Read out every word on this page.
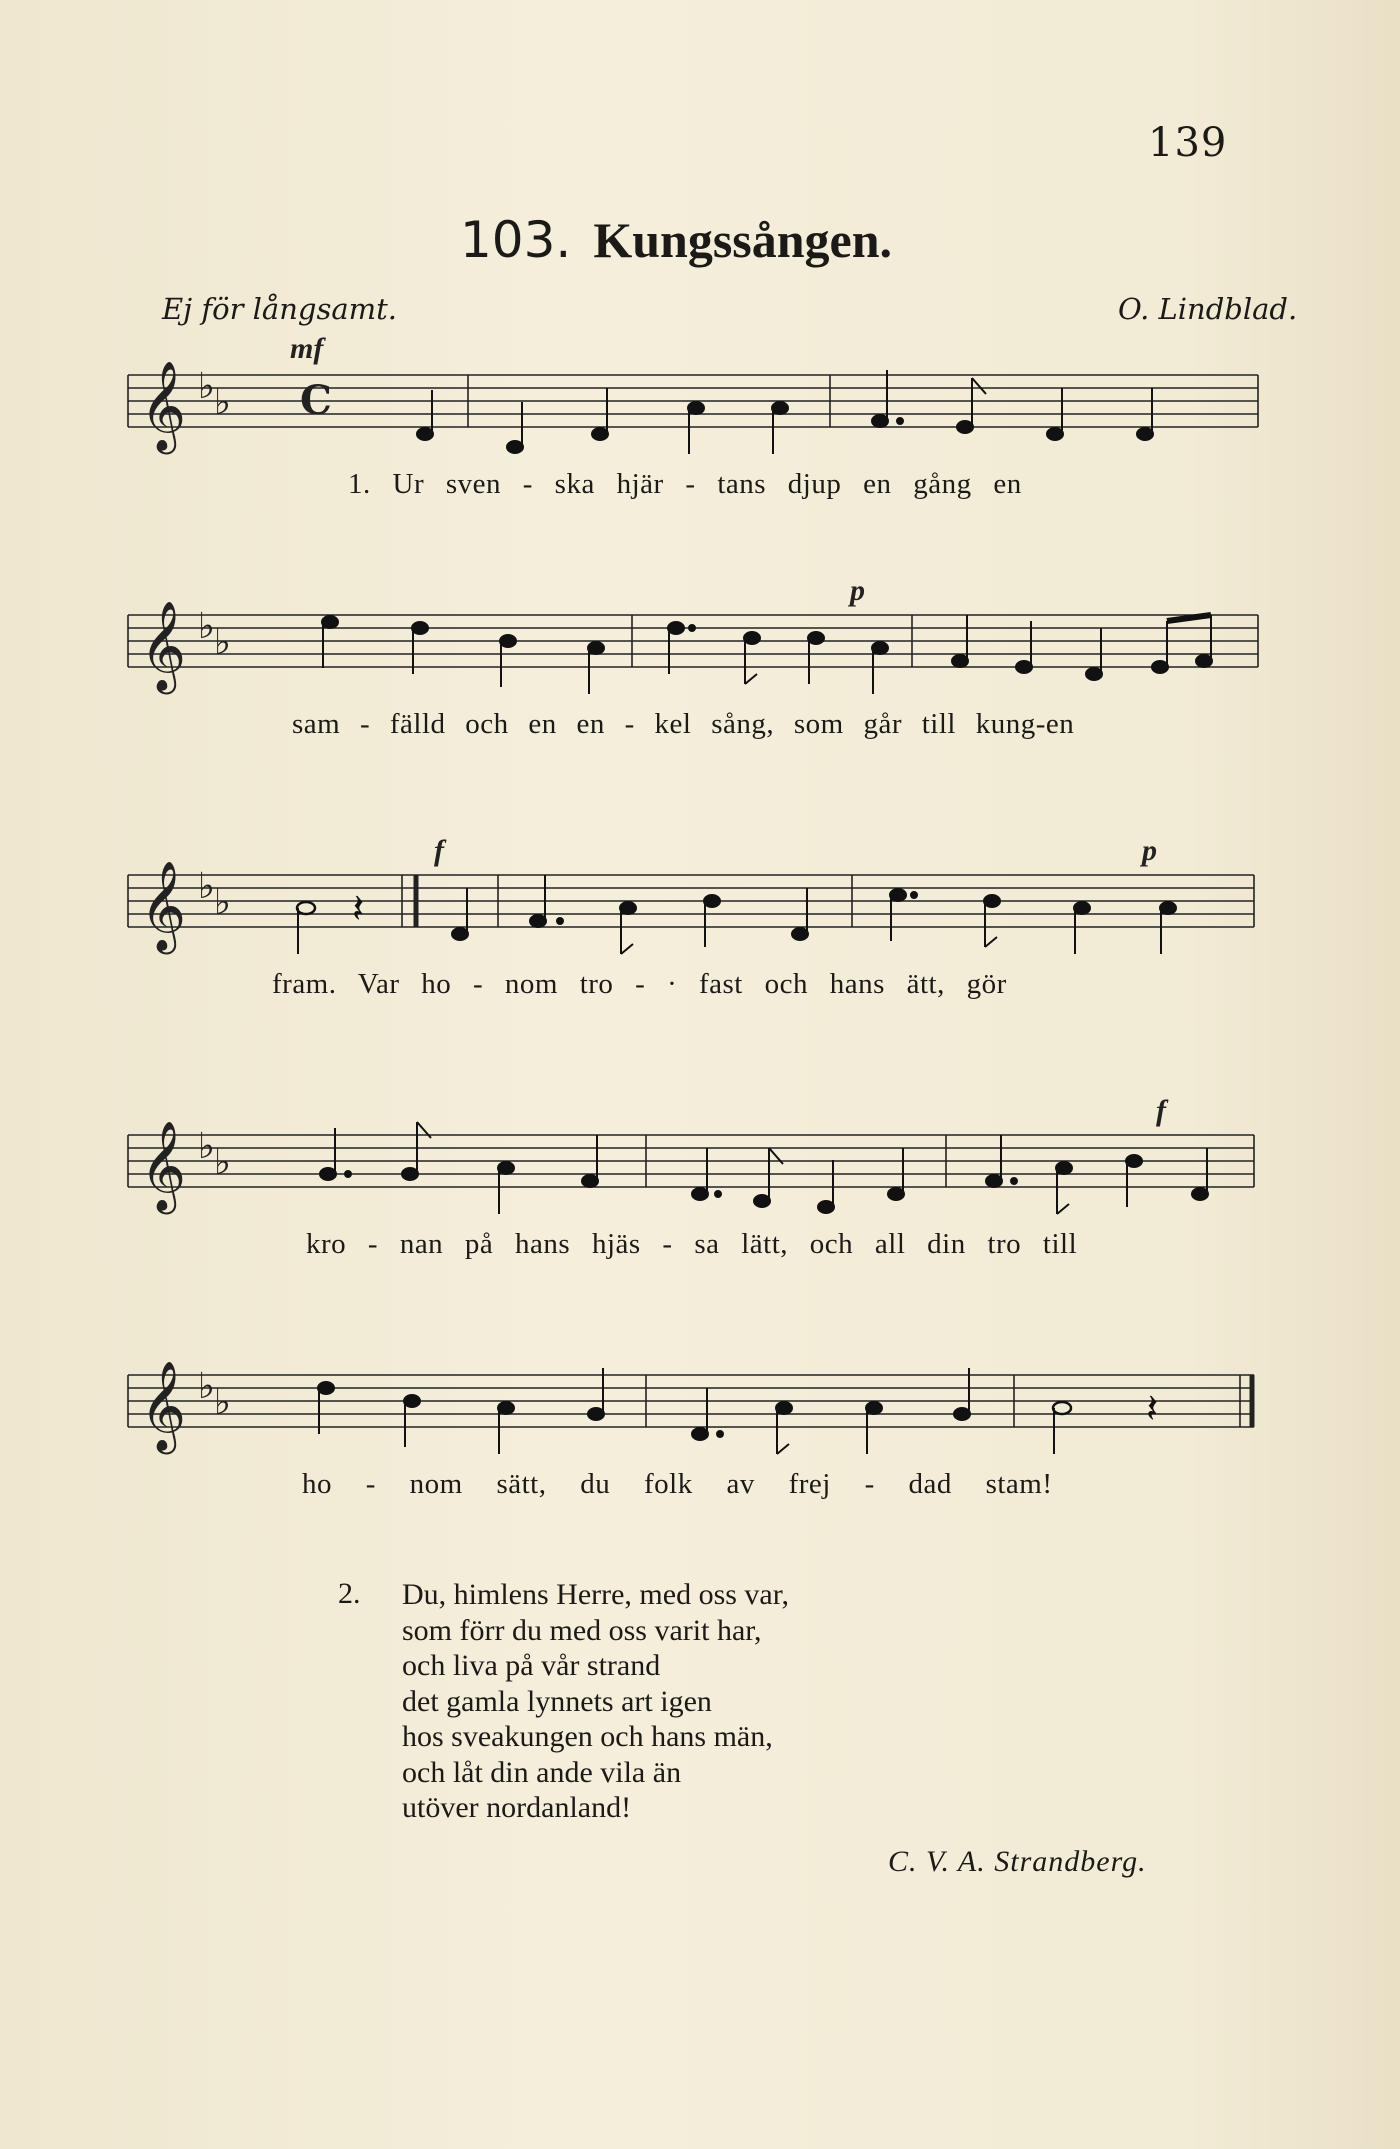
139
103. Kungssången.
Ej för långsamt.	O. Lindblad.
𝄞 ♭ ♭ C
mf
1. Ur sven - ska hjär - tans djup en gång en
𝄞 ♭ ♭
p
sam - fälld och en en - kel sång, som går till kung-en
𝄞 ♭ ♭	𝄽
f	p
fram. Var ho - nom tro - · fast och hans ätt, gör
𝄞 ♭ ♭
f
kro - nan på hans hjäs - sa lätt, och all din tro till
𝄞 ♭ ♭	𝄽
ho - nom sätt, du folk av frej - dad stam!
2. Du, himlens Herre, med oss var,
som förr du med oss varit har,
och liva på vår strand
det gamla lynnets art igen
hos sveakungen och hans män,
och låt din ande vila än
utöver nordanland!
C. V. A. Strandberg.
